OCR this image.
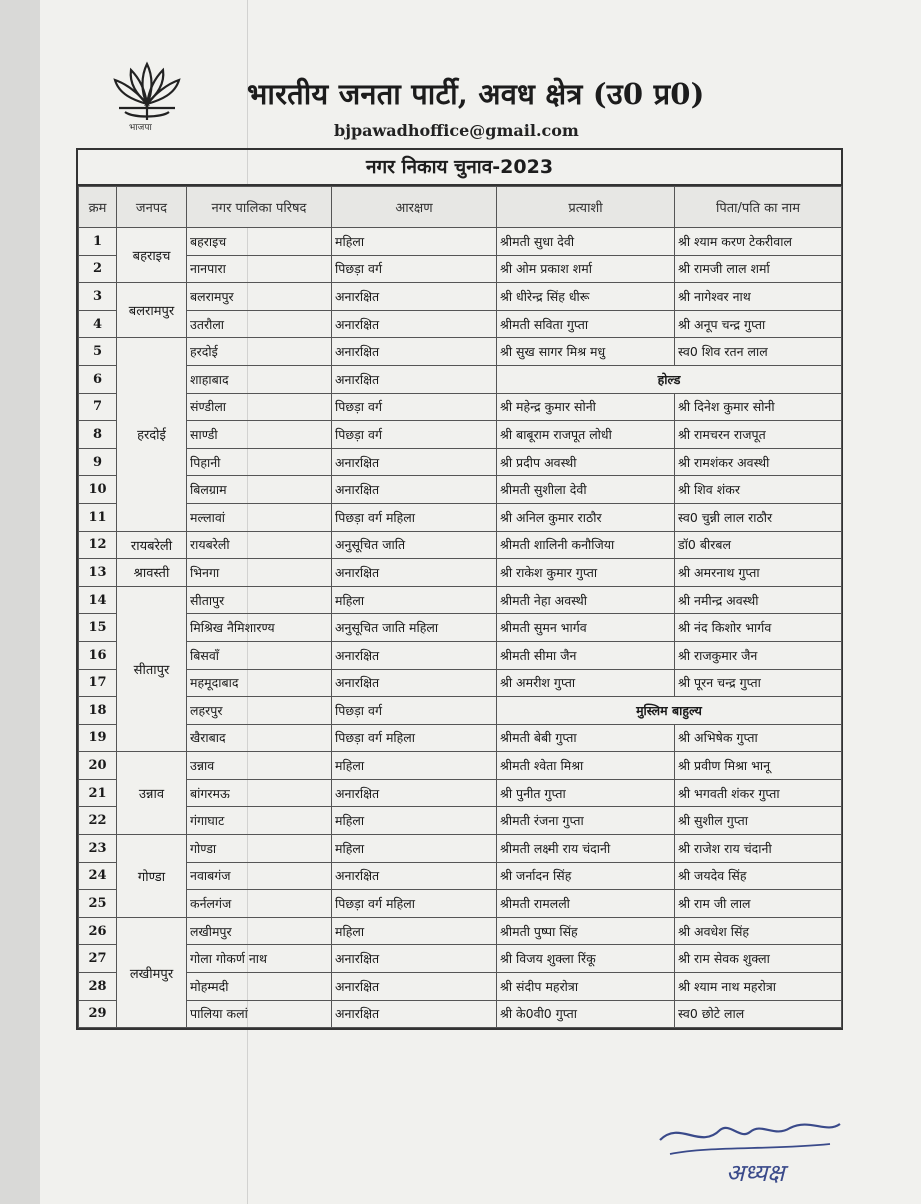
भाजपा
भारतीय जनता पार्टी, अवध क्षेत्र (उ0 प्र0)
bjpawadhoffice@gmail.com
नगर निकाय चुनाव-2023
क्रम	जनपद	नगर पालिका परिषद	आरक्षण	प्रत्याशी	पिता/पति का नाम
1	बहराइच	बहराइच	महिला	श्रीमती सुधा देवी	श्री श्याम करण टेकरीवाल
2		नानपारा	पिछड़ा वर्ग	श्री ओम प्रकाश शर्मा	श्री रामजी लाल शर्मा
3	बलरामपुर	बलरामपुर	अनारक्षित	श्री धीरेन्द्र सिंह धीरू	श्री नागेश्वर नाथ
4		उतरौला	अनारक्षित	श्रीमती सविता गुप्ता	श्री अनूप चन्द्र गुप्ता
5	हरदोई	हरदोई	अनारक्षित	श्री सुख सागर मिश्र मधु	स्व0 शिव रतन लाल
6		शाहाबाद	अनारक्षित	होल्ड	
7		संण्डीला	पिछड़ा वर्ग	श्री महेन्द्र कुमार सोनी	श्री दिनेश कुमार सोनी
8		साण्डी	पिछड़ा वर्ग	श्री बाबूराम राजपूत लोधी	श्री रामचरन राजपूत
9		पिहानी	अनारक्षित	श्री प्रदीप अवस्थी	श्री रामशंकर अवस्थी
10		बिलग्राम	अनारक्षित	श्रीमती सुशीला देवी	श्री शिव शंकर
11		मल्लावां	पिछड़ा वर्ग महिला	श्री अनिल कुमार राठौर	स्व0 चुन्नी लाल राठौर
12	रायबरेली	रायबरेली	अनुसूचित जाति	श्रीमती शालिनी कनौजिया	डॉ0 बीरबल
13	श्रावस्ती	भिनगा	अनारक्षित	श्री राकेश कुमार गुप्ता	श्री अमरनाथ गुप्ता
14	सीतापुर	सीतापुर	महिला	श्रीमती नेहा अवस्थी	श्री नमीन्द्र अवस्थी
15		मिश्रिख नैमिशारण्य	अनुसूचित जाति महिला	श्रीमती सुमन भार्गव	श्री नंद किशोर भार्गव
16		बिसवाँ	अनारक्षित	श्रीमती सीमा जैन	श्री राजकुमार जैन
17		महमूदाबाद	अनारक्षित	श्री अमरीश गुप्ता	श्री पूरन चन्द्र गुप्ता
18		लहरपुर	पिछड़ा वर्ग	मुस्लिम बाहुल्य	
19		खैराबाद	पिछड़ा वर्ग महिला	श्रीमती बेबी गुप्ता	श्री अभिषेक गुप्ता
20	उन्नाव	उन्नाव	महिला	श्रीमती श्वेता मिश्रा	श्री प्रवीण मिश्रा भानू
21		बांगरमऊ	अनारक्षित	श्री पुनीत गुप्ता	श्री भगवती शंकर गुप्ता
22		गंगाघाट	महिला	श्रीमती रंजना गुप्ता	श्री सुशील गुप्ता
23	गोण्डा	गोण्डा	महिला	श्रीमती लक्ष्मी राय चंदानी	श्री राजेश राय चंदानी
24		नवाबगंज	अनारक्षित	श्री जर्नादन सिंह	श्री जयदेव सिंह
25		कर्नलगंज	पिछड़ा वर्ग महिला	श्रीमती रामलली	श्री राम जी लाल
26	लखीमपुर	लखीमपुर	महिला	श्रीमती पुष्पा सिंह	श्री अवधेश सिंह
27		गोला गोकर्ण नाथ	अनारक्षित	श्री विजय शुक्ला रिंकू	श्री राम सेवक शुक्ला
28		मोहम्मदी	अनारक्षित	श्री संदीप महरोत्रा	श्री श्याम नाथ महरोत्रा
29		पालिया कलां	अनारक्षित	श्री के0वी0 गुप्ता	स्व0 छोटे लाल
अध्यक्ष
